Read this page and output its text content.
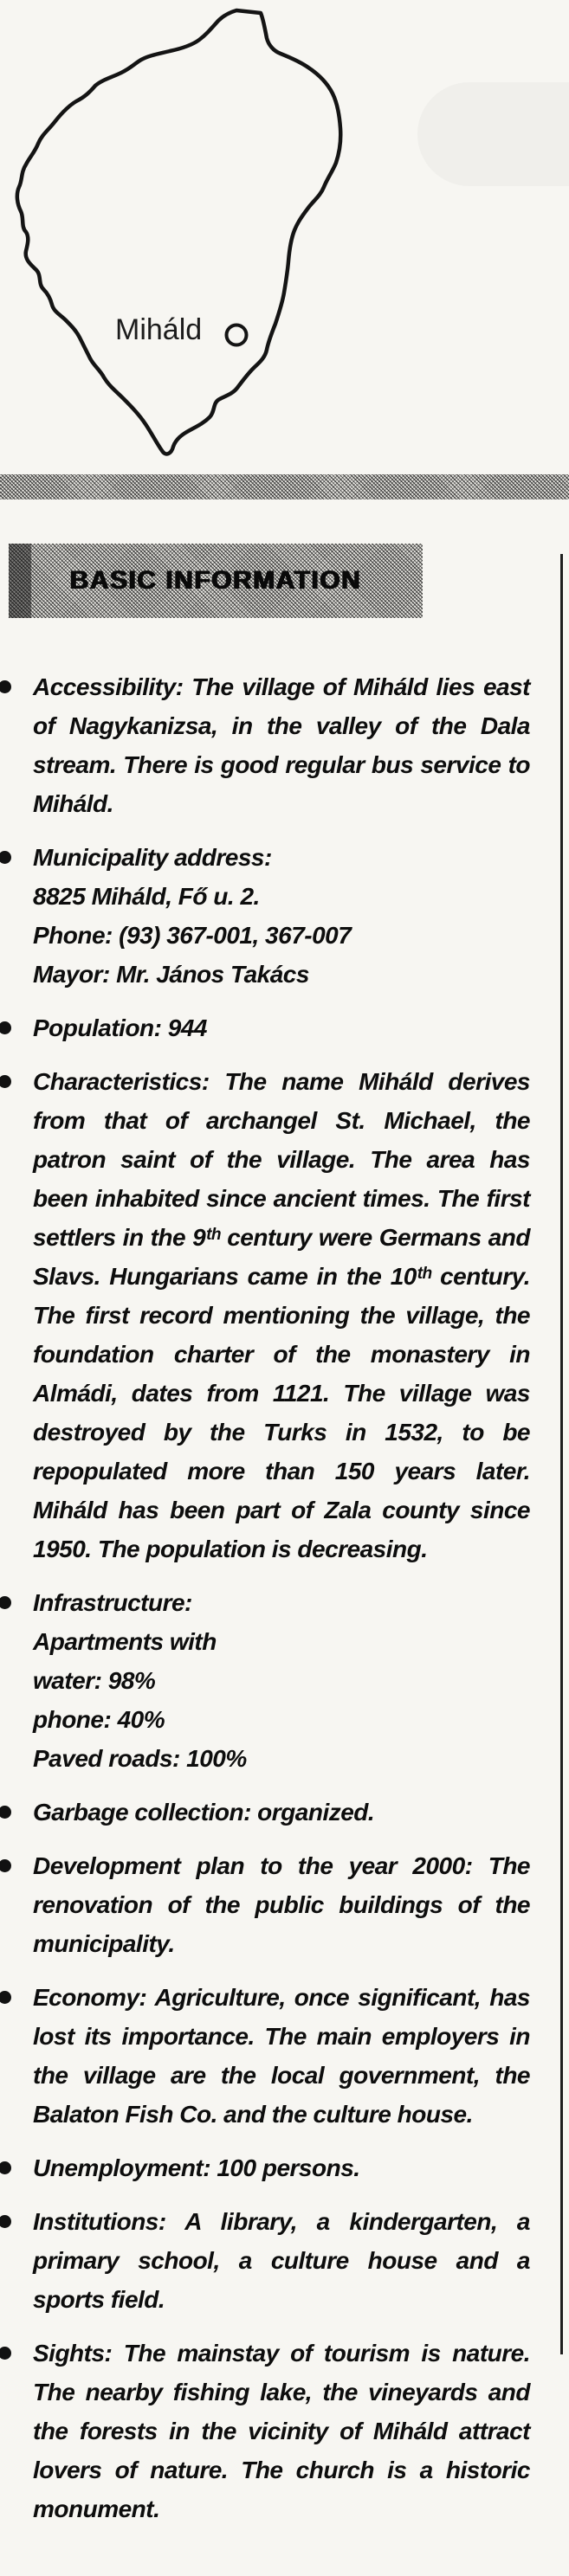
Miháld
BASIC INFORMATION
Accessibility: The village of Miháld lies east of Nagykanizsa, in the valley of the Dala stream. There is good regular bus service to Miháld.
Municipality address:
8825 Miháld, Fő u. 2.
Phone: (93) 367-001, 367-007
Mayor: Mr. János Takács
Population: 944
Characteristics: The name Miháld derives from that of archangel St. Michael, the patron saint of the village. The area has been inhabited since ancient times. The first settlers in the 9ᵗʰ century were Germans and Slavs. Hungarians came in the 10ᵗʰ century. The first record mentioning the village, the foundation charter of the monastery in Almádi, dates from 1121. The village was destroyed by the Turks in 1532, to be repopulated more than 150 years later. Miháld has been part of Zala county since 1950. The population is decreasing.
Infrastructure:
Apartments with
water: 98%
phone: 40%
Paved roads: 100%
Garbage collection: organized.
Development plan to the year 2000: The renovation of the public buildings of the municipality.
Economy: Agriculture, once significant, has lost its importance. The main employers in the village are the local government, the Balaton Fish Co. and the culture house.
Unemployment: 100 persons.
Institutions: A library, a kindergarten, a primary school, a culture house and a sports field.
Sights: The mainstay of tourism is nature. The nearby fishing lake, the vineyards and the forests in the vicinity of Miháld attract lovers of nature. The church is a historic monument.
